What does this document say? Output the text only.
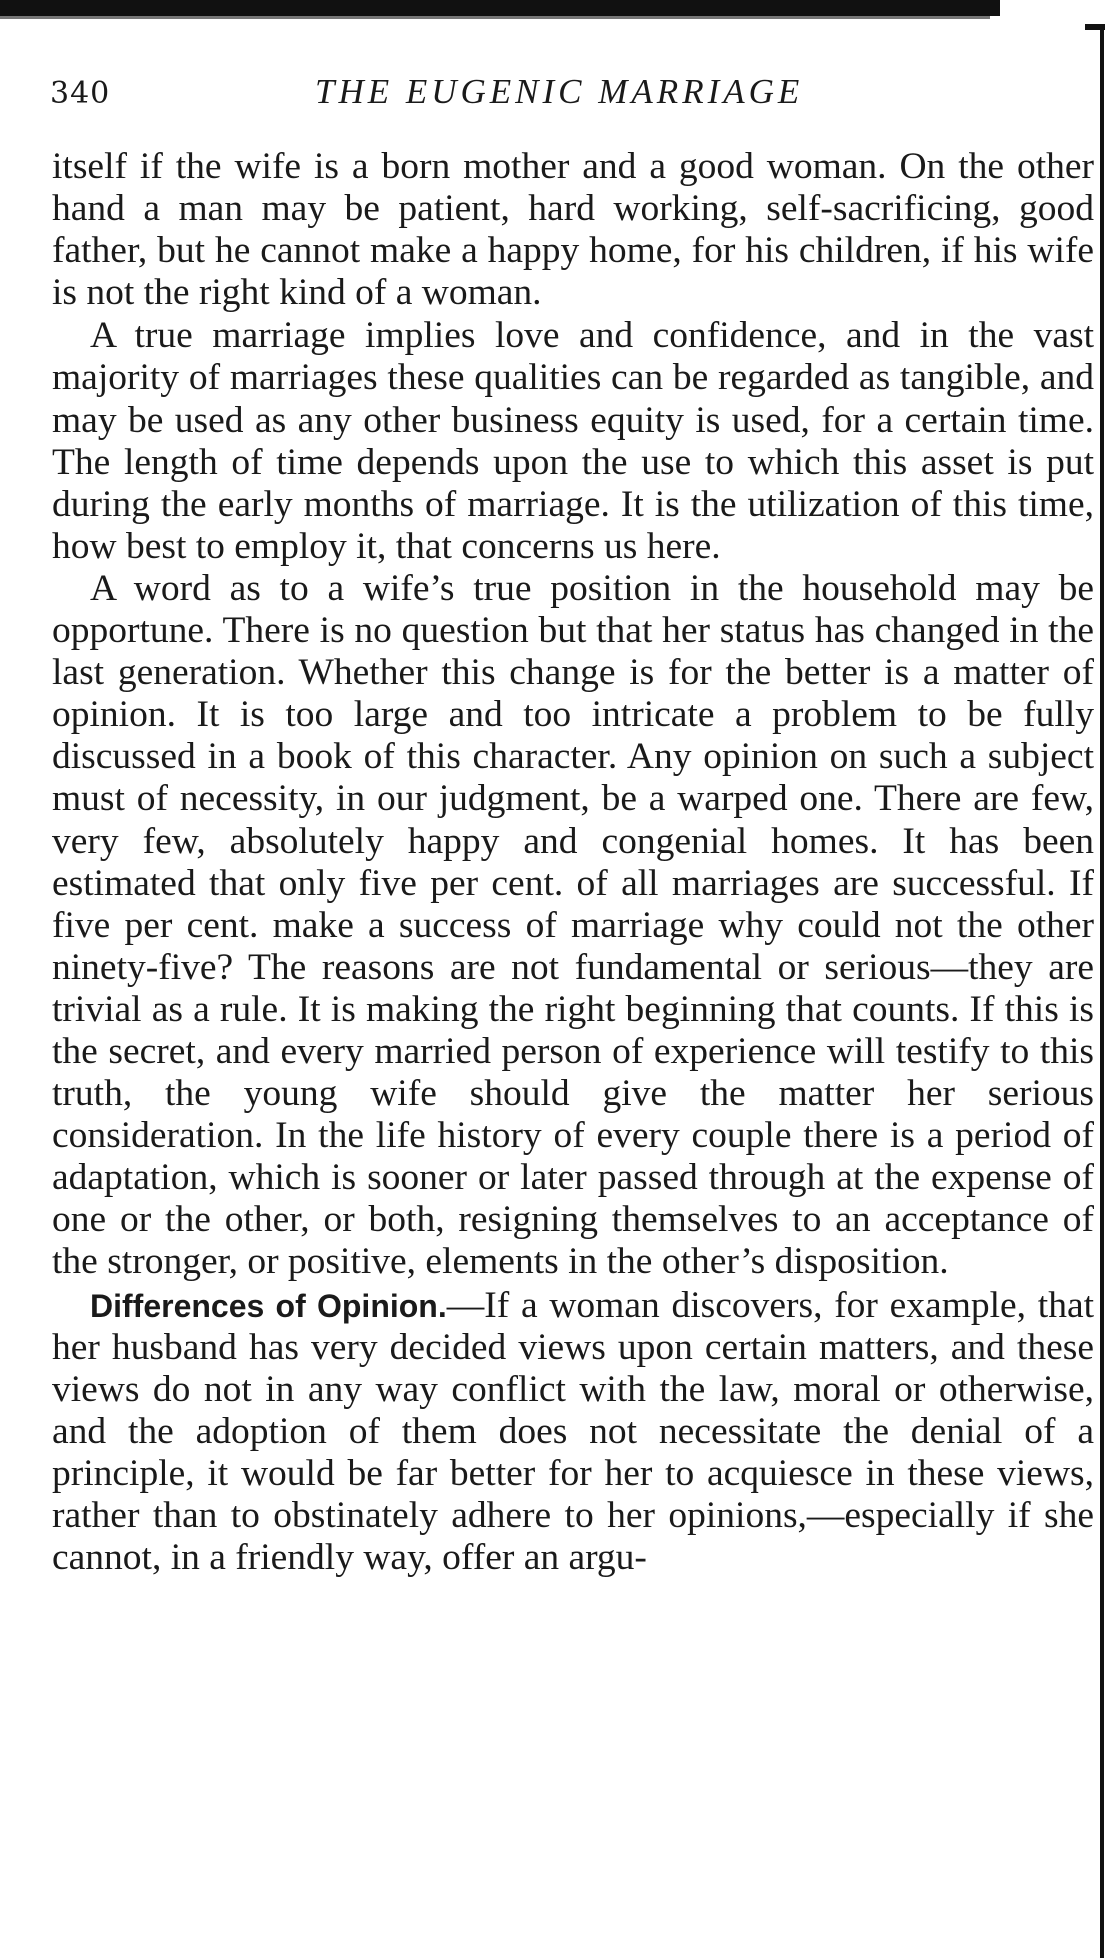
340	THE EUGENIC MARRIAGE

itself if the wife is a born mother and a good woman. On the other hand a man may be patient, hard working, self-sacrificing, good father, but he cannot make a happy home, for his children, if his wife is not the right kind of a woman.

A true marriage implies love and confidence, and in the vast majority of marriages these qualities can be regarded as tangible, and may be used as any other business equity is used, for a certain time. The length of time depends upon the use to which this asset is put during the early months of marriage. It is the utilization of this time, how best to employ it, that concerns us here.

A word as to a wife’s true position in the household may be opportune. There is no question but that her status has changed in the last generation. Whether this change is for the better is a matter of opinion. It is too large and too intricate a problem to be fully discussed in a book of this character. Any opinion on such a subject must of necessity, in our judgment, be a warped one. There are few, very few, absolutely happy and congenial homes. It has been estimated that only five per cent. of all marriages are successful. If five per cent. make a success of marriage why could not the other ninety-five? The reasons are not fundamental or serious—they are trivial as a rule. It is making the right beginning that counts. If this is the secret, and every married person of experience will testify to this truth, the young wife should give the matter her serious consideration. In the life history of every couple there is a period of adaptation, which is sooner or later passed through at the expense of one or the other, or both, resigning themselves to an acceptance of the stronger, or positive, elements in the other’s disposition.

Differences of Opinion.—If a woman discovers, for example, that her husband has very decided views upon certain matters, and these views do not in any way conflict with the law, moral or otherwise, and the adoption of them does not necessitate the denial of a principle, it would be far better for her to acquiesce in these views, rather than to obstinately adhere to her opinions,—especially if she cannot, in a friendly way, offer an argu-
